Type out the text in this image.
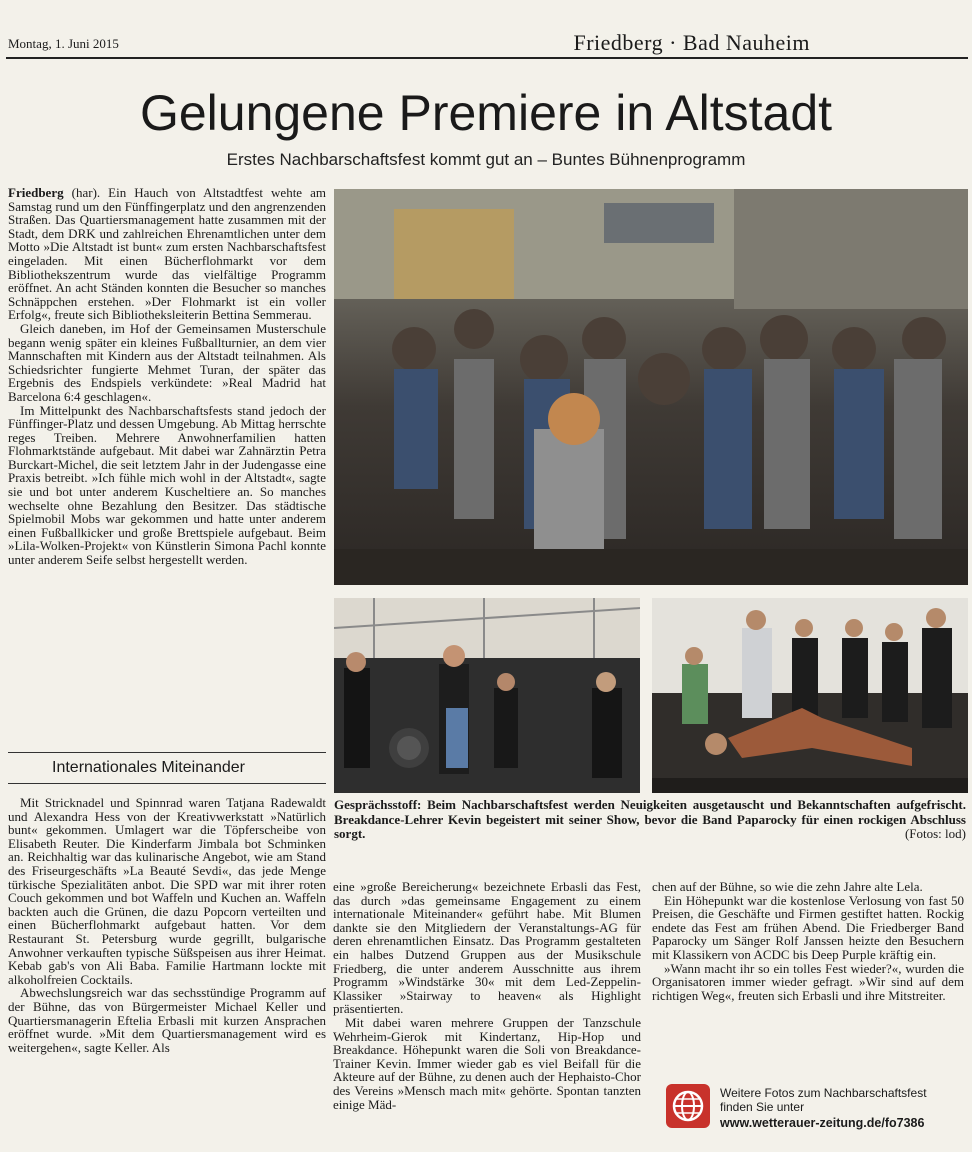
Montag, 1. Juni 2015	Friedberg · Bad Nauheim
Gelungene Premiere in Altstadt
Erstes Nachbarschaftsfest kommt gut an – Buntes Bühnenprogramm

Friedberg (har). Ein Hauch von Altstadtfest wehte am Samstag rund um den Fünffingerplatz und den angrenzenden Straßen. Das Quartiersmanagement hatte zusammen mit der Stadt, dem DRK und zahlreichen Ehrenamtlichen unter dem Motto »Die Altstadt ist bunt« zum ersten Nachbarschaftsfest eingeladen. Mit einen Bücherflohmarkt vor dem Bibliothekszentrum wurde das vielfältige Programm eröffnet. An acht Ständen konnten die Besucher so manches Schnäppchen erstehen. »Der Flohmarkt ist ein voller Erfolg«, freute sich Bibliotheksleiterin Bettina Semmerau.

Gleich daneben, im Hof der Gemeinsamen Musterschule begann wenig später ein kleines Fußballturnier, an dem vier Mannschaften mit Kindern aus der Altstadt teilnahmen. Als Schiedsrichter fungierte Mehmet Turan, der später das Ergebnis des Endspiels verkündete: »Real Madrid hat Barcelona 6:4 geschlagen«.

Im Mittelpunkt des Nachbarschaftsfests stand jedoch der Fünffinger-Platz und dessen Umgebung. Ab Mittag herrschte reges Treiben. Mehrere Anwohnerfamilien hatten Flohmarktstände aufgebaut. Mit dabei war Zahnärztin Petra Burckart-Michel, die seit letztem Jahr in der Judengasse eine Praxis betreibt. »Ich fühle mich wohl in der Altstadt«, sagte sie und bot unter anderem Kuscheltiere an. So manches wechselte ohne Bezahlung den Besitzer. Das städtische Spielmobil Mobs war gekommen und hatte unter anderem einen Fußballkicker und große Brettspiele aufgebaut. Beim »Lila-Wolken-Projekt« von Künstlerin Simona Pachl konnte unter anderem Seife selbst hergestellt werden.

Internationales Miteinander

Mit Stricknadel und Spinnrad waren Tatjana Radewaldt und Alexandra Hess von der Kreativwerkstatt »Natürlich bunt« gekommen. Umlagert war die Töpferscheibe von Elisabeth Reuter. Die Kinderfarm Jimbala bot Schminken an. Reichhaltig war das kulinarische Angebot, wie am Stand des Friseurgeschäfts »La Beauté Sevdi«, das jede Menge türkische Spezialitäten anbot. Die SPD war mit ihrer roten Couch gekommen und bot Waffeln und Kuchen an. Waffeln backten auch die Grünen, die dazu Popcorn verteilten und einen Bücherflohmarkt aufgebaut hatten. Vor dem Restaurant St. Petersburg wurde gegrillt, bulgarische Anwohner verkauften typische Süßspeisen aus ihrer Heimat. Kebab gab's von Ali Baba. Familie Hartmann lockte mit alkoholfreien Cocktails.

Abwechslungsreich war das sechsstündige Programm auf der Bühne, das von Bürgermeister Michael Keller und Quartiersmanagerin Eftelia Erbasli mit kurzen Ansprachen eröffnet wurde. »Mit dem Quartiersmanagement wird es weitergehen«, sagte Keller. Als

Gesprächsstoff: Beim Nachbarschaftsfest werden Neuigkeiten ausgetauscht und Bekanntschaften aufgefrischt. Breakdance-Lehrer Kevin begeistert mit seiner Show, bevor die Band Paparocky für einen rockigen Abschluss sorgt.	(Fotos: lod)

eine »große Bereicherung« bezeichnete Erbasli das Fest, das durch »das gemeinsame Engagement zu einem internationale Miteinander« geführt habe. Mit Blumen dankte sie den Mitgliedern der Veranstaltungs-AG für deren ehrenamtlichen Einsatz. Das Programm gestalteten ein halbes Dutzend Gruppen aus der Musikschule Friedberg, die unter anderem Ausschnitte aus ihrem Programm »Windstärke 30« mit dem Led-Zeppelin-Klassiker »Stairway to heaven« als Highlight präsentierten.

Mit dabei waren mehrere Gruppen der Tanzschule Wehrheim-Gierok mit Kindertanz, Hip-Hop und Breakdance. Höhepunkt waren die Soli von Breakdance-Trainer Kevin. Immer wieder gab es viel Beifall für die Akteure auf der Bühne, zu denen auch der Hephaisto-Chor des Vereins »Mensch mach mit« gehörte. Spontan tanzten einige Mäd-

chen auf der Bühne, so wie die zehn Jahre alte Lela.

Ein Höhepunkt war die kostenlose Verlosung von fast 50 Preisen, die Geschäfte und Firmen gestiftet hatten. Rockig endete das Fest am frühen Abend. Die Friedberger Band Paparocky um Sänger Rolf Janssen heizte den Besuchern mit Klassikern von ACDC bis Deep Purple kräftig ein.

»Wann macht ihr so ein tolles Fest wieder?«, wurden die Organisatoren immer wieder gefragt. »Wir sind auf dem richtigen Weg«, freuten sich Erbasli und ihre Mitstreiter.

Weitere Fotos zum Nachbarschaftsfest finden Sie unter
www.wetterauer-zeitung.de/fo7386
